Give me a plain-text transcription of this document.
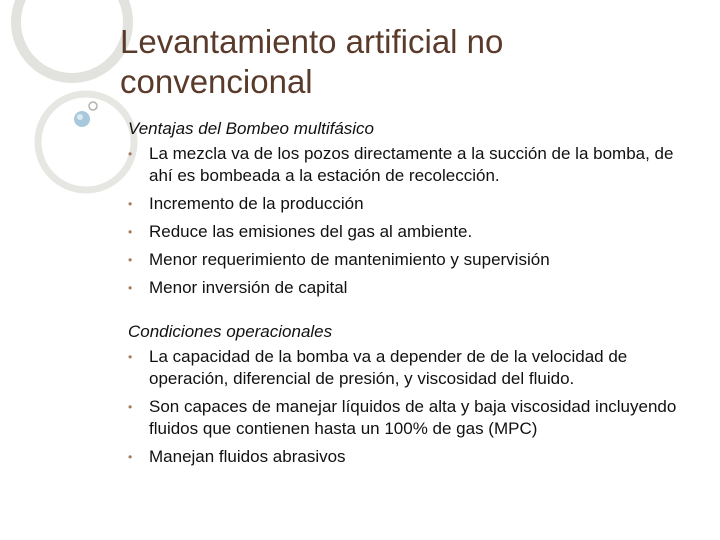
Levantamiento artificial no
convencional

Ventajas del Bombeo multifásico

• La mezcla va de los pozos directamente a la succión de la bomba, de ahí es bombeada a la estación de recolección.
• Incremento de la producción
• Reduce las emisiones del gas al ambiente.
• Menor requerimiento de mantenimiento y supervisión
• Menor inversión de capital

Condiciones operacionales

• La capacidad de la bomba va a depender de de la velocidad de operación, diferencial de presión, y viscosidad del fluido.
• Son capaces de manejar líquidos de alta y baja viscosidad incluyendo fluidos que contienen hasta un 100% de gas (MPC)
• Manejan fluidos abrasivos
